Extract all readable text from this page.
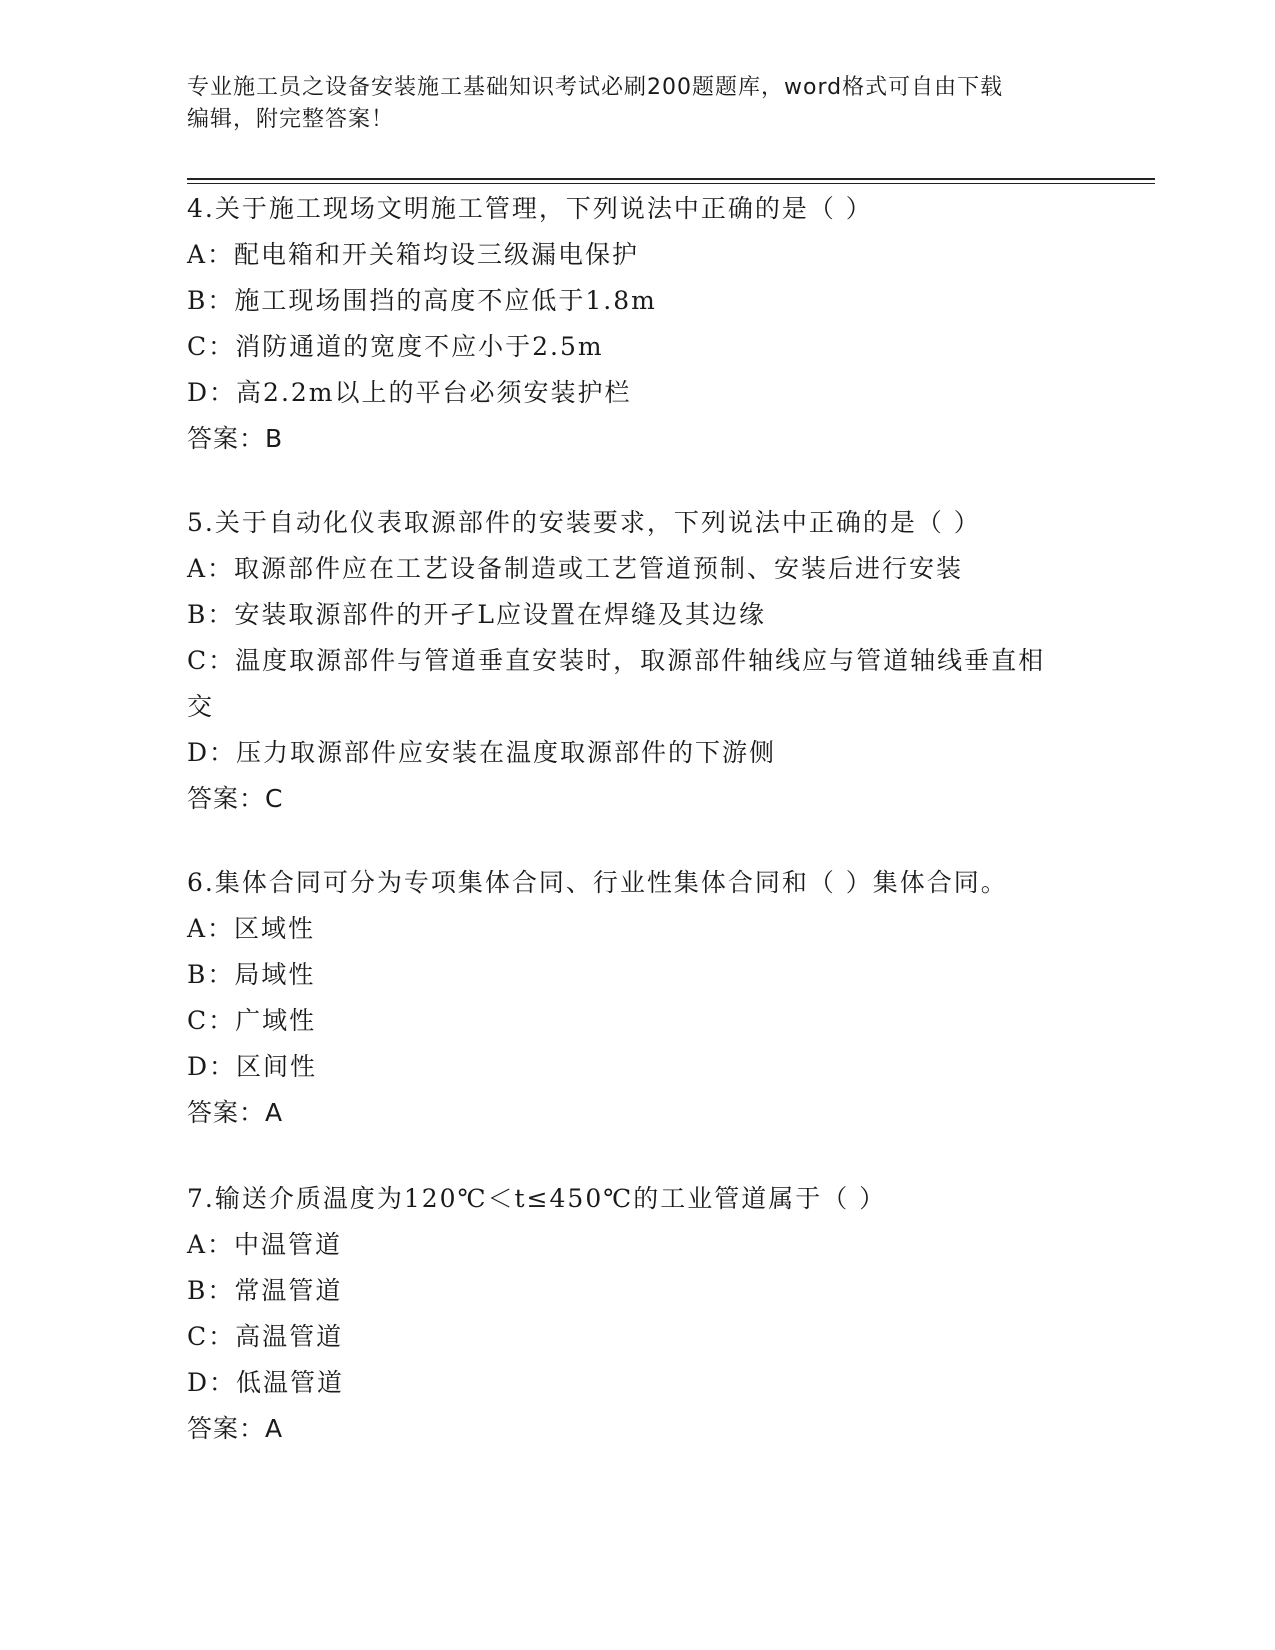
专业施工员之设备安装施工基础知识考试必刷200题题库，word格式可自由下载
编辑，附完整答案！
4.关于施工现场文明施工管理，下列说法中正确的是（ ）
A：配电箱和开关箱均设三级漏电保护
B：施工现场围挡的高度不应低于1.8m
C：消防通道的宽度不应小于2.5m
D：高2.2m以上的平台必须安装护栏
答案：B
5.关于自动化仪表取源部件的安装要求，下列说法中正确的是（ ）
A：取源部件应在工艺设备制造或工艺管道预制、安装后进行安装
B：安装取源部件的开孑L应设置在焊缝及其边缘
C：温度取源部件与管道垂直安装时，取源部件轴线应与管道轴线垂直相交
D：压力取源部件应安装在温度取源部件的下游侧
答案：C
6.集体合同可分为专项集体合同、行业性集体合同和（ ）集体合同。
A：区域性
B：局域性
C：广域性
D：区间性
答案：A
7.输送介质温度为120℃＜t≤450℃的工业管道属于（ ）
A：中温管道
B：常温管道
C：高温管道
D：低温管道
答案：A
